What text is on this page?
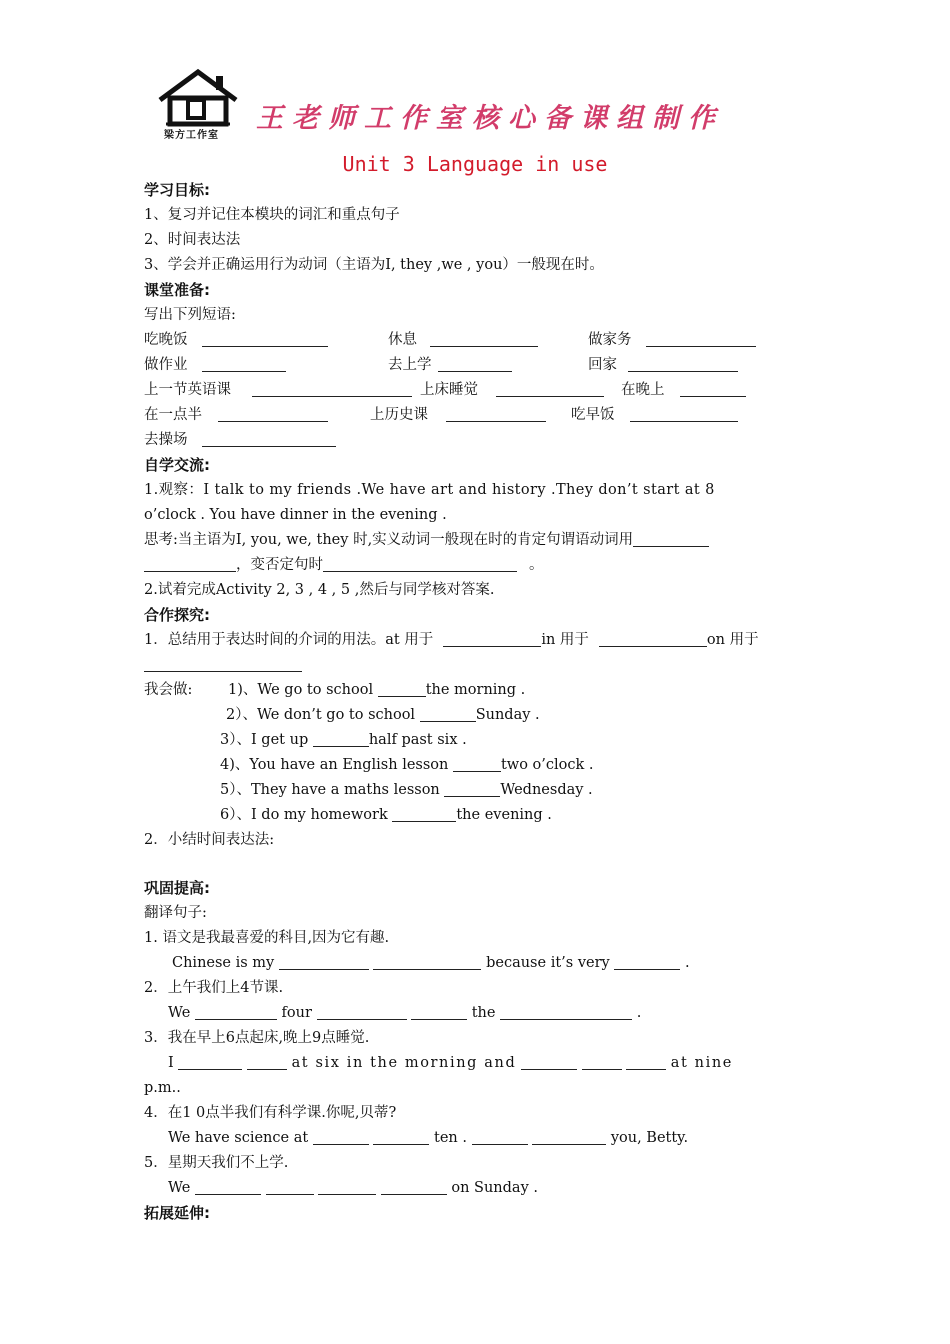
梁方工作室
王老师工作室核心备课组制作
Unit 3 Language in use
学习目标:
1、复习并记住本模块的词汇和重点句子
2、时间表达法
3、学会并正确运用行为动词（主语为I, they ,we , you）一般现在时。
课堂准备:
写出下列短语:
吃晚饭	休息	做家务
做作业	去上学	回家
上一节英语课	上床睡觉	在晚上
在一点半	上历史课	吃早饭
去操场
自学交流:
1.观察：I talk to my friends .We have art and history .They don’t start at 8
o’clock . You have dinner in the evening .
思考:当主语为I, you, we, they 时,实义动词一般现在时的肯定句谓语动词用
，变否定句时	。
2.试着完成Activity 2, 3 , 4 , 5 ,然后与同学核对答案.
合作探究:
1．总结用于表达时间的介词的用法。at 用于	in 用于	on 用于
我会做: 1)、We go to school	the morning .
2）、We don’t go to school	Sunday .
3）、I get up	half past six .
4)、You have an English lesson	two o’clock .
5）、They have a maths lesson	Wednesday .
6）、I do my homework	the evening .
2．小结时间表达法:
巩固提高:
翻译句子:
1. 语文是我最喜爱的科目,因为它有趣.
Chinese is my	because it’s very	.
2．上午我们上4节课.
We	four	the	.
3．我在早上6点起床,晚上9点睡觉.
I	at six in the morning and	at nine
p.m..
4．在1 0点半我们有科学课.你呢,贝蒂?
We have science at	ten .	you, Betty.
5．星期天我们不上学.
We	on Sunday .
拓展延伸:
